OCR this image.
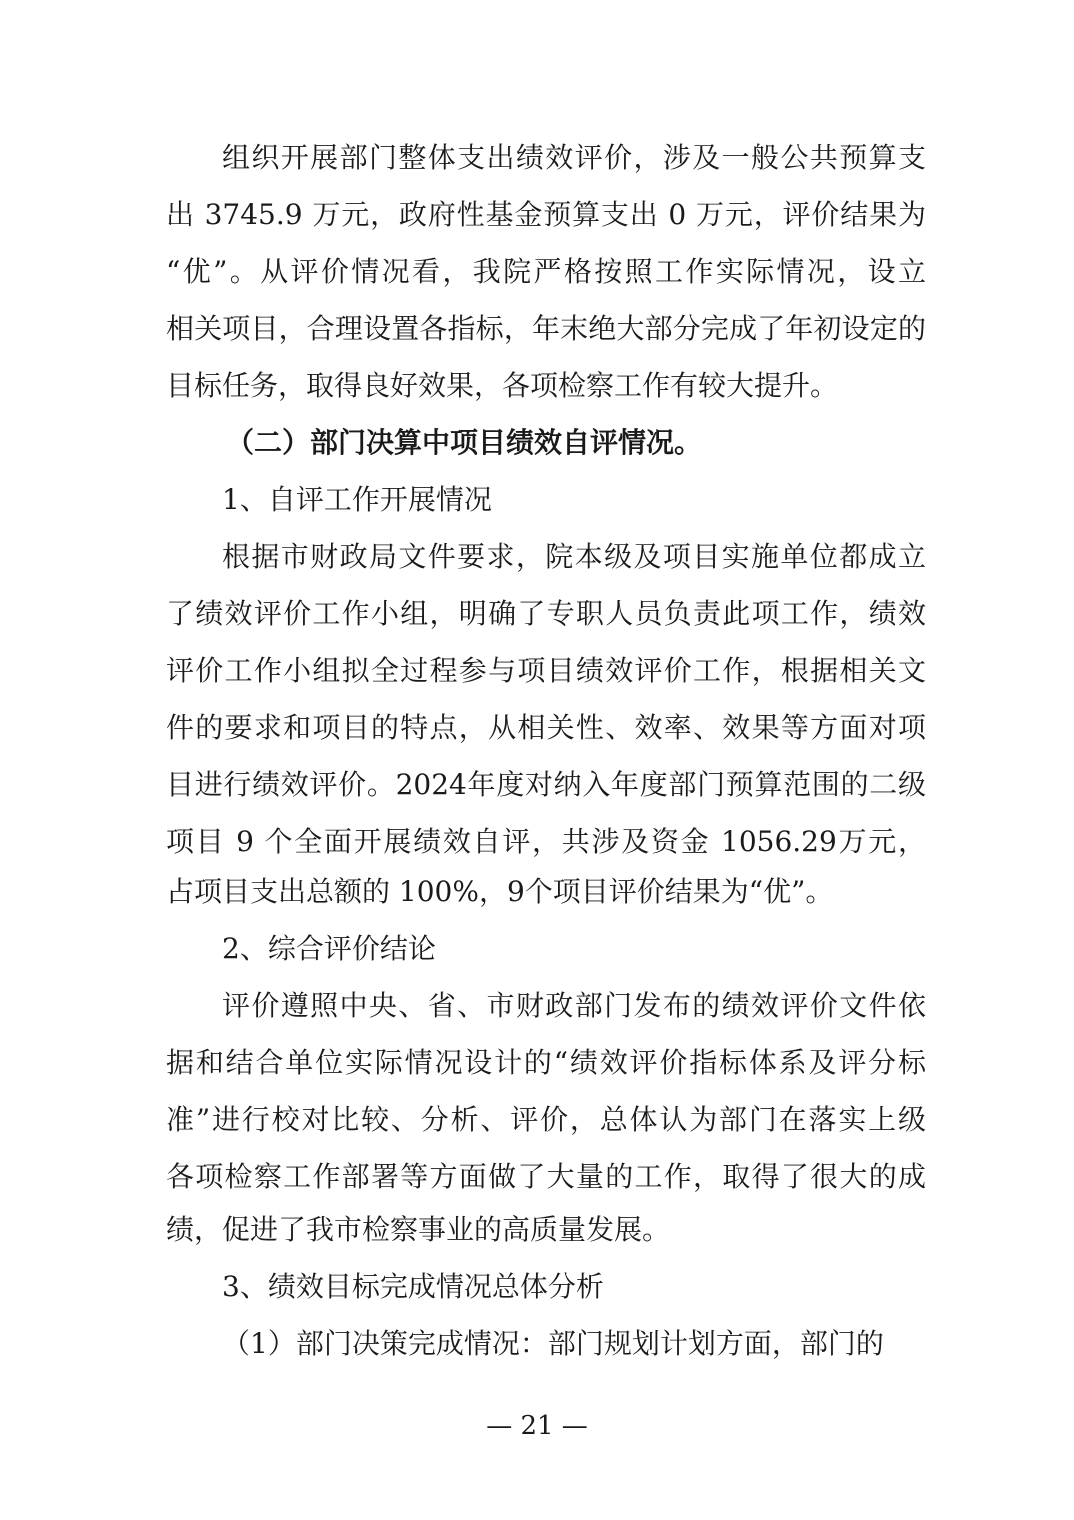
组织开展部门整体支出绩效评价，涉及一般公共预算支
出 3745.9 万元，政府性基金预算支出 0 万元，评价结果为
“优”。从评价情况看，我院严格按照工作实际情况，设立
相关项目，合理设置各指标，年末绝大部分完成了年初设定的
目标任务，取得良好效果，各项检察工作有较大提升。
（二）部门决算中项目绩效自评情况。
1、自评工作开展情况
根据市财政局文件要求，院本级及项目实施单位都成立
了绩效评价工作小组，明确了专职人员负责此项工作，绩效
评价工作小组拟全过程参与项目绩效评价工作，根据相关文
件的要求和项目的特点，从相关性、效率、效果等方面对项
目进行绩效评价。2024年度对纳入年度部门预算范围的二级
项目 9 个全面开展绩效自评，共涉及资金 1056.29万元，
占项目支出总额的 100%，9个项目评价结果为“优”。
2、综合评价结论
评价遵照中央、省、市财政部门发布的绩效评价文件依
据和结合单位实际情况设计的“绩效评价指标体系及评分标
准”进行校对比较、分析、评价，总体认为部门在落实上级
各项检察工作部署等方面做了大量的工作，取得了很大的成
绩，促进了我市检察事业的高质量发展。
3、绩效目标完成情况总体分析
（1）部门决策完成情况：部门规划计划方面，部门的
— 21 —
